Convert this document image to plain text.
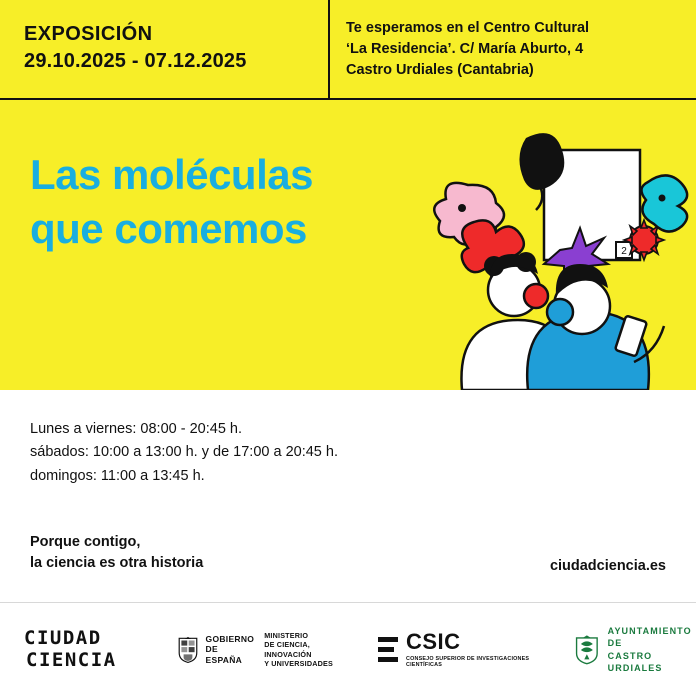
EXPOSICIÓN
29.10.2025 - 07.12.2025

Te esperamos en el Centro Cultural

‘La Residencia’. C/ María Aburto, 4

Castro Urdiales (Cantabria)

Las moléculas
que comemos	2

Lunes a viernes: 08:00 - 20:45 h.

sábados: 10:00 a 13:00 h. y de 17:00 a 20:45 h.

domingos: 11:00 a 13:45 h.

Porque contigo,
la ciencia es otra historia	ciudadciencia.es
CIUDAD
CIENCIA
GOBIERNO
DE ESPAÑA
MINISTERIO
DE CIENCIA, INNOVACIÓN
Y UNIVERSIDADES
CSIC
CONSEJO SUPERIOR DE INVESTIGACIONES CIENTÍFICAS
AYUNTAMIENTO DE
CASTRO URDIALES
